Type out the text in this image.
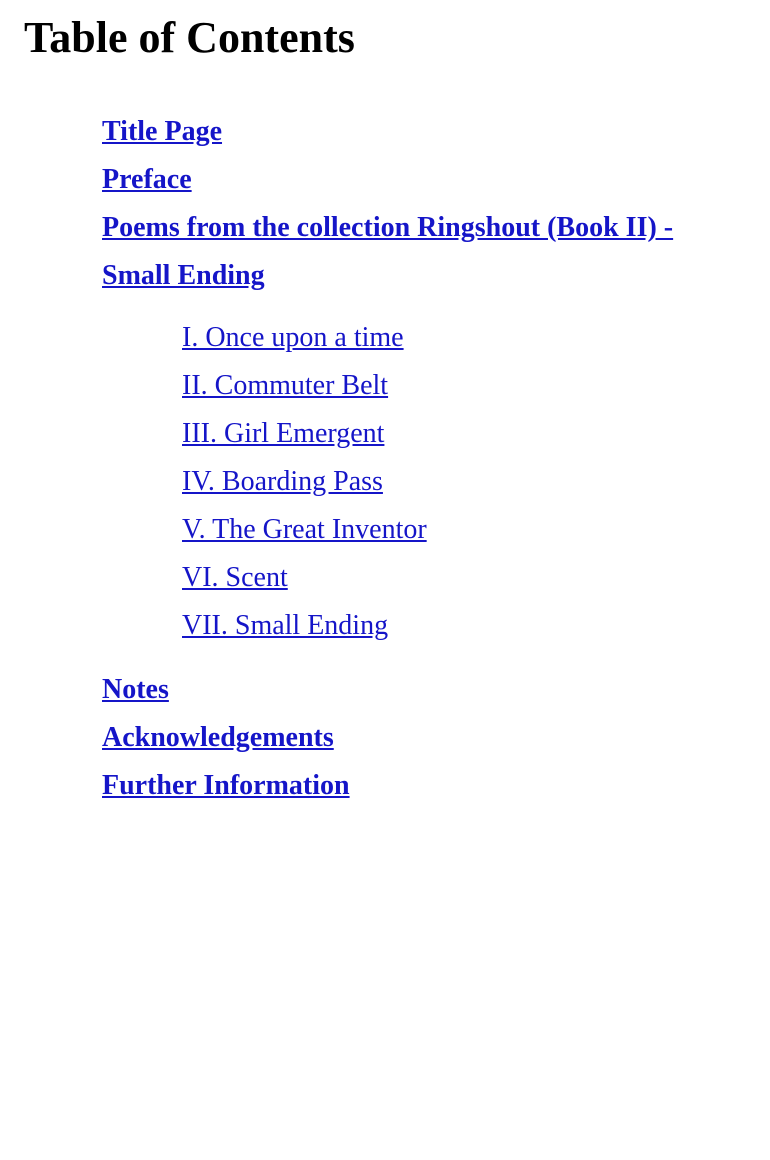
Table of Contents
Title Page
Preface
Poems from the collection Ringshout (Book II) - Small Ending
I. Once upon a time
II. Commuter Belt
III. Girl Emergent
IV. Boarding Pass
V. The Great Inventor
VI. Scent
VII. Small Ending
Notes
Acknowledgements
Further Information
